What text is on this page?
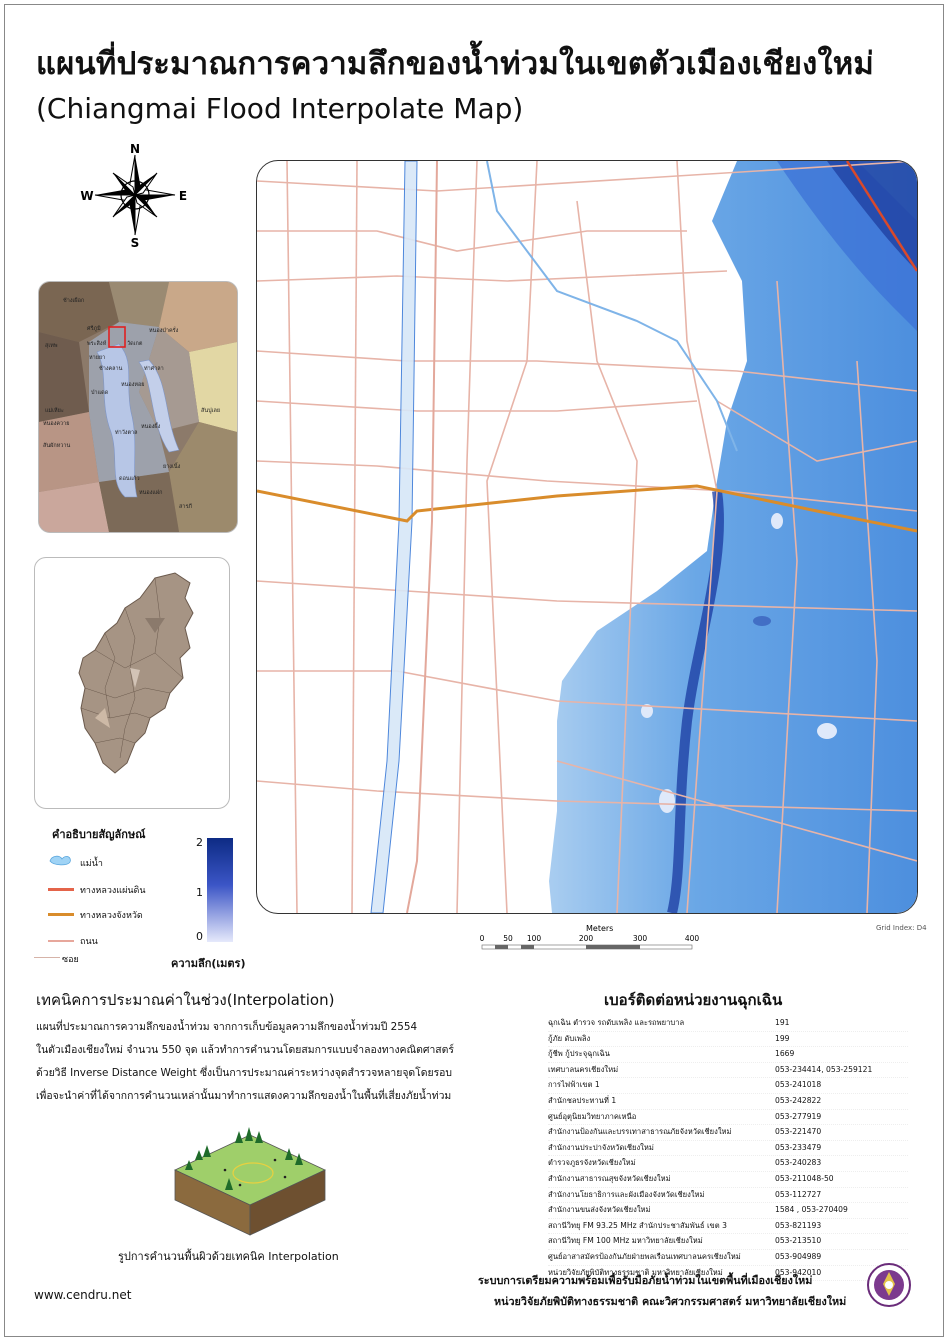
แผนที่ประมาณการความลึกของน้ำท่วมในเขตตัวเมืองเชียงใหม่
(Chiangmai Flood Interpolate Map)
N
S
E
W
ช้างเผือก
ศรีภูมิ
พระสิงห์	วัดเกต
สุเทพ
หายยา
ช้างคลาน
หนองหอย
ท่าศาลา
หนองป่าครั่ง
ป่าแดด
ท่าวังตาล
หนองผึ้ง
แม่เหียะ
ยางเนิ้ง
สันผักหวาน
หนองควาย
สันปูเลย
ดอนแก้ว
หนองแฝก
สารภี
คำอธิบายสัญลักษณ์
แม่น้ำ
ทางหลวงแผ่นดิน
ทางหลวงจังหวัด
ถนน
ซอย
2
1
0
ความลึก(เมตร)
Meters
0	50 100	200	300	400
Grid Index: D4
เทคนิคการประมาณค่าในช่วง(Interpolation)
แผนที่ประมาณการความลึกของน้ำท่วม จากการเก็บข้อมูลความลึกของน้ำท่วมปี 2554
ในตัวเมืองเชียงใหม่ จำนวน 550 จุด แล้วทำการคำนวนโดยสมการแบบจำลองทางคณิตศาสตร์
ด้วยวิธี Inverse Distance Weight ซึ่งเป็นการประมาณค่าระหว่างจุดสำรวจหลายจุดโดยรอบ
เพื่อจะนำค่าที่ได้จากการคำนวนเหล่านั้นมาทำการแสดงความลึกของน้ำในพื้นที่เสี่ยงภัยน้ำท่วม
รูปการคำนวนพื้นผิวด้วยเทคนิค Interpolation
เบอร์ติดต่อหน่วยงานฉุกเฉิน
ฉุกเฉิน ตำรวจ รถดับเพลิง และรถพยาบาล	191
กู้ภัย ดับเพลิง	199
กู้ชีพ กู้ประจุฉุกเฉิน	1669
เทศบาลนครเชียงใหม่	053-234414, 053-259121
การไฟฟ้าเขต 1	053-241018
สำนักชลประทานที่ 1	053-242822
ศูนย์อุตุนิยมวิทยาภาคเหนือ	053-277919
สำนักงานป้องกันและบรรเทาสาธารณภัยจังหวัดเชียงใหม่	053-221470
สำนักงานประปาจังหวัดเชียงใหม่	053-233479
ตำรวจภูธรจังหวัดเชียงใหม่	053-240283
สำนักงานสาธารณสุขจังหวัดเชียงใหม่	053-211048-50
สำนักงานโยธาธิการและผังเมืองจังหวัดเชียงใหม่	053-112727
สำนักงานขนส่งจังหวัดเชียงใหม่	1584 , 053-270409
สถานีวิทยุ FM 93.25 MHz สำนักประชาสัมพันธ์ เขต 3	053-821193
สถานีวิทยุ FM 100 MHz มหาวิทยาลัยเชียงใหม่	053-213510
ศูนย์อาสาสมัครป้องกันภัยฝ่ายพลเรือนเทศบาลนครเชียงใหม่	053-904989
หน่วยวิจัยภัยพิบัติทางธรรมชาติ มหาวิทยาลัยเชียงใหม่	053-942010
www.cendru.net
ระบบการเตรียมความพร้อมเพื่อรับมือภัยน้ำท่วมในเขตพื้นที่เมืองเชียงใหม่
หน่วยวิจัยภัยพิบัติทางธรรมชาติ คณะวิศวกรรมศาสตร์ มหาวิทยาลัยเชียงใหม่
